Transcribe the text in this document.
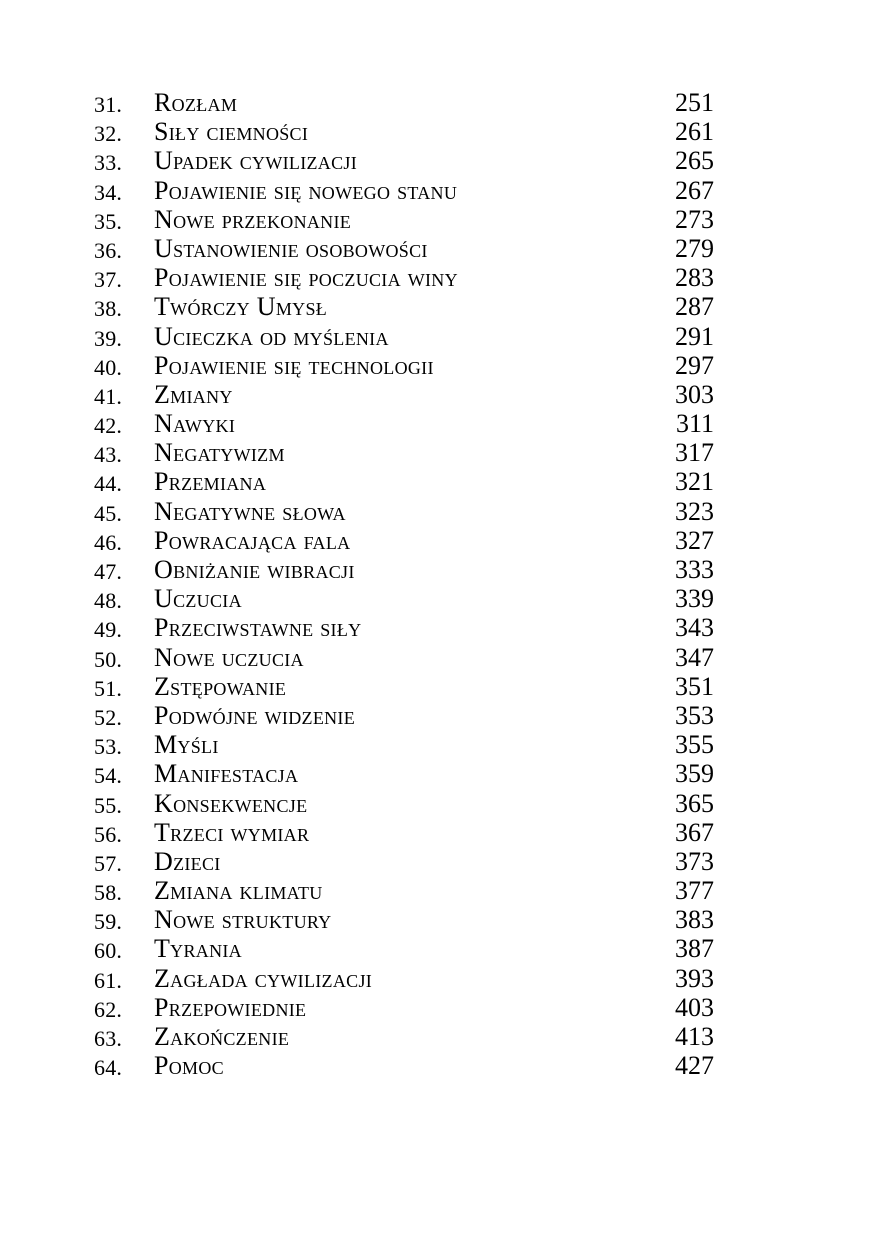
31. Rozłam	251
32. Siły ciemności	261
33. Upadek cywilizacji	265
34. Pojawienie się nowego stanu	267
35. Nowe przekonanie	273
36. Ustanowienie osobowości	279
37. Pojawienie się poczucia winy	283
38. Twórczy Umysł	287
39. Ucieczka od myślenia	291
40. Pojawienie się technologii	297
41. Zmiany	303
42. Nawyki	311
43. Negatywizm	317
44. Przemiana	321
45. Negatywne słowa	323
46. Powracająca fala	327
47. Obniżanie wibracji	333
48. Uczucia	339
49. Przeciwstawne siły	343
50. Nowe uczucia	347
51. Zstępowanie	351
52. Podwójne widzenie	353
53. Myśli	355
54. Manifestacja	359
55. Konsekwencje	365
56. Trzeci wymiar	367
57. Dzieci	373
58. Zmiana klimatu	377
59. Nowe struktury	383
60. Tyrania	387
61. Zagłada cywilizacji	393
62. Przepowiednie	403
63. Zakończenie	413
64. Pomoc	427
